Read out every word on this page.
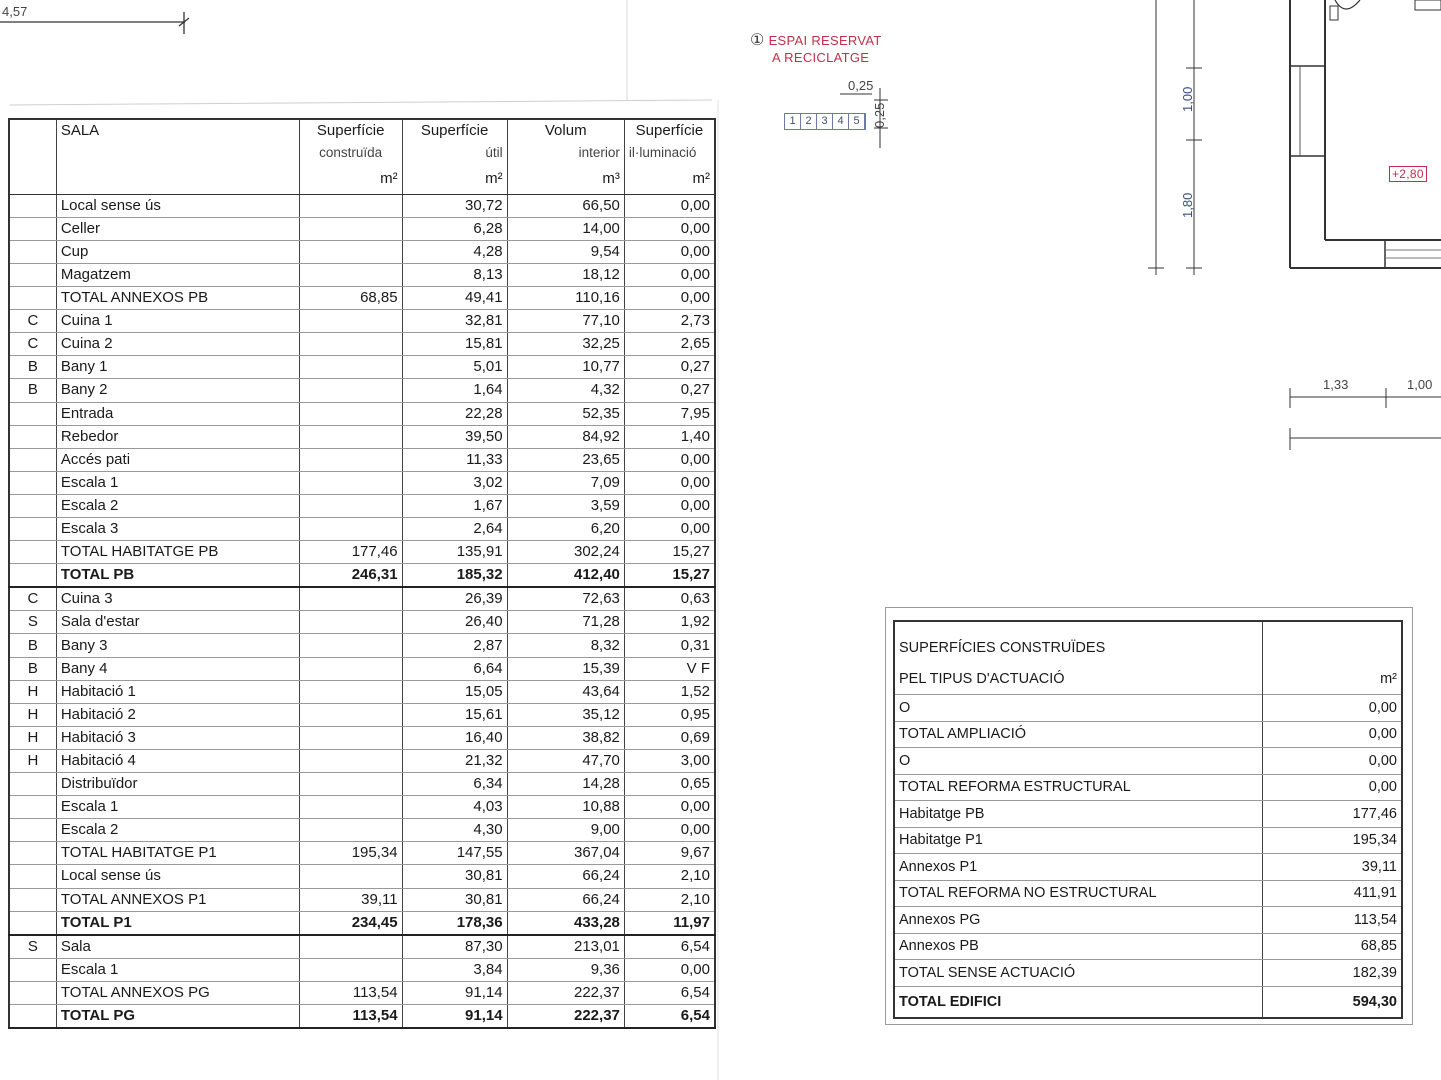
4,57
	SALA	Superfície	Superfície	Volum	Superfície
		construïda	útil	interior	il·luminació
		m²	m²	m³	m²
	Local sense ús		30,72	66,50	0,00
	Celler		6,28	14,00	0,00
	Cup		4,28	9,54	0,00
	Magatzem		8,13	18,12	0,00
	TOTAL ANNEXOS PB	68,85	49,41	110,16	0,00
C	Cuina 1		32,81	77,10	2,73
C	Cuina 2		15,81	32,25	2,65
B	Bany 1		5,01	10,77	0,27
B	Bany 2		1,64	4,32	0,27
	Entrada		22,28	52,35	7,95
	Rebedor		39,50	84,92	1,40
	Accés pati		11,33	23,65	0,00
	Escala 1		3,02	7,09	0,00
	Escala 2		1,67	3,59	0,00
	Escala 3		2,64	6,20	0,00
	TOTAL HABITATGE PB	177,46	135,91	302,24	15,27
	TOTAL PB	246,31	185,32	412,40	15,27
C	Cuina 3		26,39	72,63	0,63
S	Sala d'estar		26,40	71,28	1,92
B	Bany 3		2,87	8,32	0,31
B	Bany 4		6,64	15,39	V F
H	Habitació 1		15,05	43,64	1,52
H	Habitació 2		15,61	35,12	0,95
H	Habitació 3		16,40	38,82	0,69
H	Habitació 4		21,32	47,70	3,00
	Distribuïdor		6,34	14,28	0,65
	Escala 1		4,03	10,88	0,00
	Escala 2		4,30	9,00	0,00
	TOTAL HABITATGE P1	195,34	147,55	367,04	9,67
	Local sense ús		30,81	66,24	2,10
	TOTAL ANNEXOS P1	39,11	30,81	66,24	2,10
	TOTAL P1	234,45	178,36	433,28	11,97
S	Sala		87,30	213,01	6,54
	Escala 1		3,84	9,36	0,00
	TOTAL ANNEXOS PG	113,54	91,14	222,37	6,54
	TOTAL PG	113,54	91,14	222,37	6,54
① ESPAI RESERVAT
A RECICLATGE
0,25
1 2 3 4 5 0,25
1,00
1,80
1,33	1,00
+2,80
SUPERFÍCIES CONSTRUÏDES	
PEL TIPUS D'ACTUACIÓ	m²
O	0,00
TOTAL AMPLIACIÓ	0,00
O	0,00
TOTAL REFORMA ESTRUCTURAL	0,00
Habitatge PB	177,46
Habitatge P1	195,34
Annexos P1	39,11
TOTAL REFORMA NO ESTRUCTURAL	411,91
Annexos PG	113,54
Annexos PB	68,85
TOTAL SENSE ACTUACIÓ	182,39
TOTAL EDIFICI	594,30
